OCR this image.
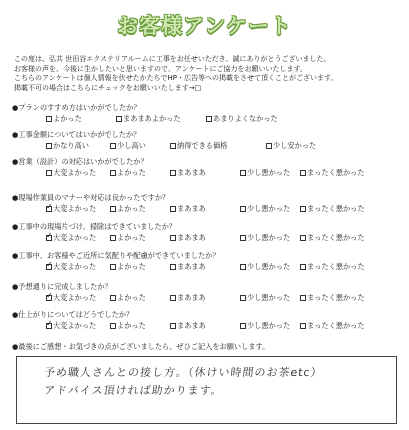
お客様アンケート
この度は、弘共 世田谷エクステリアルームに工事をお任せいただき、誠にありがとうございました。
お客様の声を、今後に生かしたいと思いますので、アンケートにご協力をお願いいたします。
こちらのアンケートは個人情報を伏せたかたちでHP・広告等への掲載をさせて頂くことがございます。
掲載不可の場合はこちらにチェックをお願いいたします→□
●プランのすすめ方はいかがでしたか？
よかった	まあまあよかった	あまりよくなかった
●工事金額についてはいかがでしたか？
かなり高い	少し高い	納得できる価格	少し安かった
●営業（設計）の対応はいかがでしたか？
大変よかった	よかった	まあまあ	少し悪かった	まったく悪かった
●現場作業員のマナーや対応は良かったですか？
✓大変よかった	よかった	まあまあ	少し悪かった	まったく悪かった
●工事中の現場片づけ、掃除はできていましたか？
✓大変よかった	よかった	まあまあ	少し悪かった	まったく悪かった
●工事中、お客様やご近所に気配りや配慮ができていましたか？
✓大変よかった	よかった	まあまあ	少し悪かった	まったく悪かった
●予想通りに完成しましたか？
✓大変よかった	よかった	まあまあ	少し悪かった	まったく悪かった
●仕上がりについてはどうでしたか？
✓大変よかった	よかった	まあまあ	少し悪かった	まったく悪かった
●最後にご感想・お気づきの点がございましたら、ぜひご記入をお願いします。
予め職人さんとの接し方。（休けい時間のお茶etc）
アドバイス頂ければ助かります。
